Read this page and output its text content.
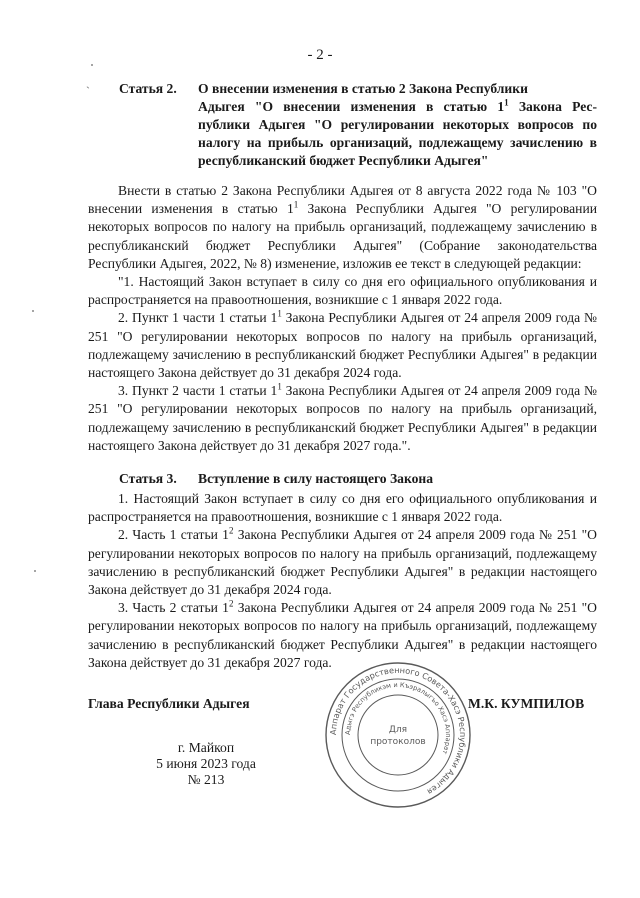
- 2 -
` Статья 2.	О внесении изменения в статью 2 Закона Республики
Адыгея "О внесении изменения в статью $1^1$ Закона Рес- публики Адыгея "О регулировании некоторых вопросов по налогу на прибыль организаций, подлежащему зачислению в республиканский бюджет Республики Адыгея"

Внести в статью 2 Закона Республики Адыгея от 8 августа 2022 года № 103 "О внесении изменения в статью $1^1$ Закона Республики Адыгея "О регулировании некоторых вопросов по налогу на прибыль организаций, подлежащему зачислению в республиканский бюджет Республики Адыгея" (Собрание законодательства Республики Адыгея, 2022, № 8) изменение, изложив ее текст в следующей редакции:

"1. Настоящий Закон вступает в силу со дня его официального опубликования и распространяется на правоотношения, возникшие с 1 января 2022 года.

2. Пункт 1 части 1 статьи $1^1$ Закона Республики Адыгея от 24 апреля 2009 года № 251 "О регулировании некоторых вопросов по налогу на прибыль организаций, подлежащему зачислению в республиканский бюджет Республики Адыгея" в редакции настоящего Закона действует до 31 декабря 2024 года.

3. Пункт 2 части 1 статьи $1^1$ Закона Республики Адыгея от 24 апреля 2009 года № 251 "О регулировании некоторых вопросов по налогу на прибыль организаций, подлежащему зачислению в республиканский бюджет Республики Адыгея" в редакции настоящего Закона действует до 31 декабря 2027 года.".

Статья 3.	Вступление в силу настоящего Закона

1. Настоящий Закон вступает в силу со дня его официального опубликования и распространяется на правоотношения, возникшие с 1 января 2022 года.

2. Часть 1 статьи $1^2$ Закона Республики Адыгея от 24 апреля 2009 года № 251 "О регулировании некоторых вопросов по налогу на прибыль организаций, подлежащему зачислению в республиканский бюджет Республики Адыгея" в редакции настоящего Закона действует до 31 декабря 2024 года.

3. Часть 2 статьи $1^2$ Закона Республики Адыгея от 24 апреля 2009 года № 251 "О регулировании некоторых вопросов по налогу на прибыль организаций, подлежащему зачислению в республиканский бюджет Республики Адыгея" в редакции настоящего Закона действует до 31 декабря 2027 года.

Глава Республики Адыгея	М.К. КУМПИЛОВ
г. Майкоп
5 июня 2023 года
№ 213
Аппарат Государственного Совета-Хасэ Республики Адыгея
Адыгэ Республикэм и Къэралыгъо Хасэ Аппарат
Для
протоколов
